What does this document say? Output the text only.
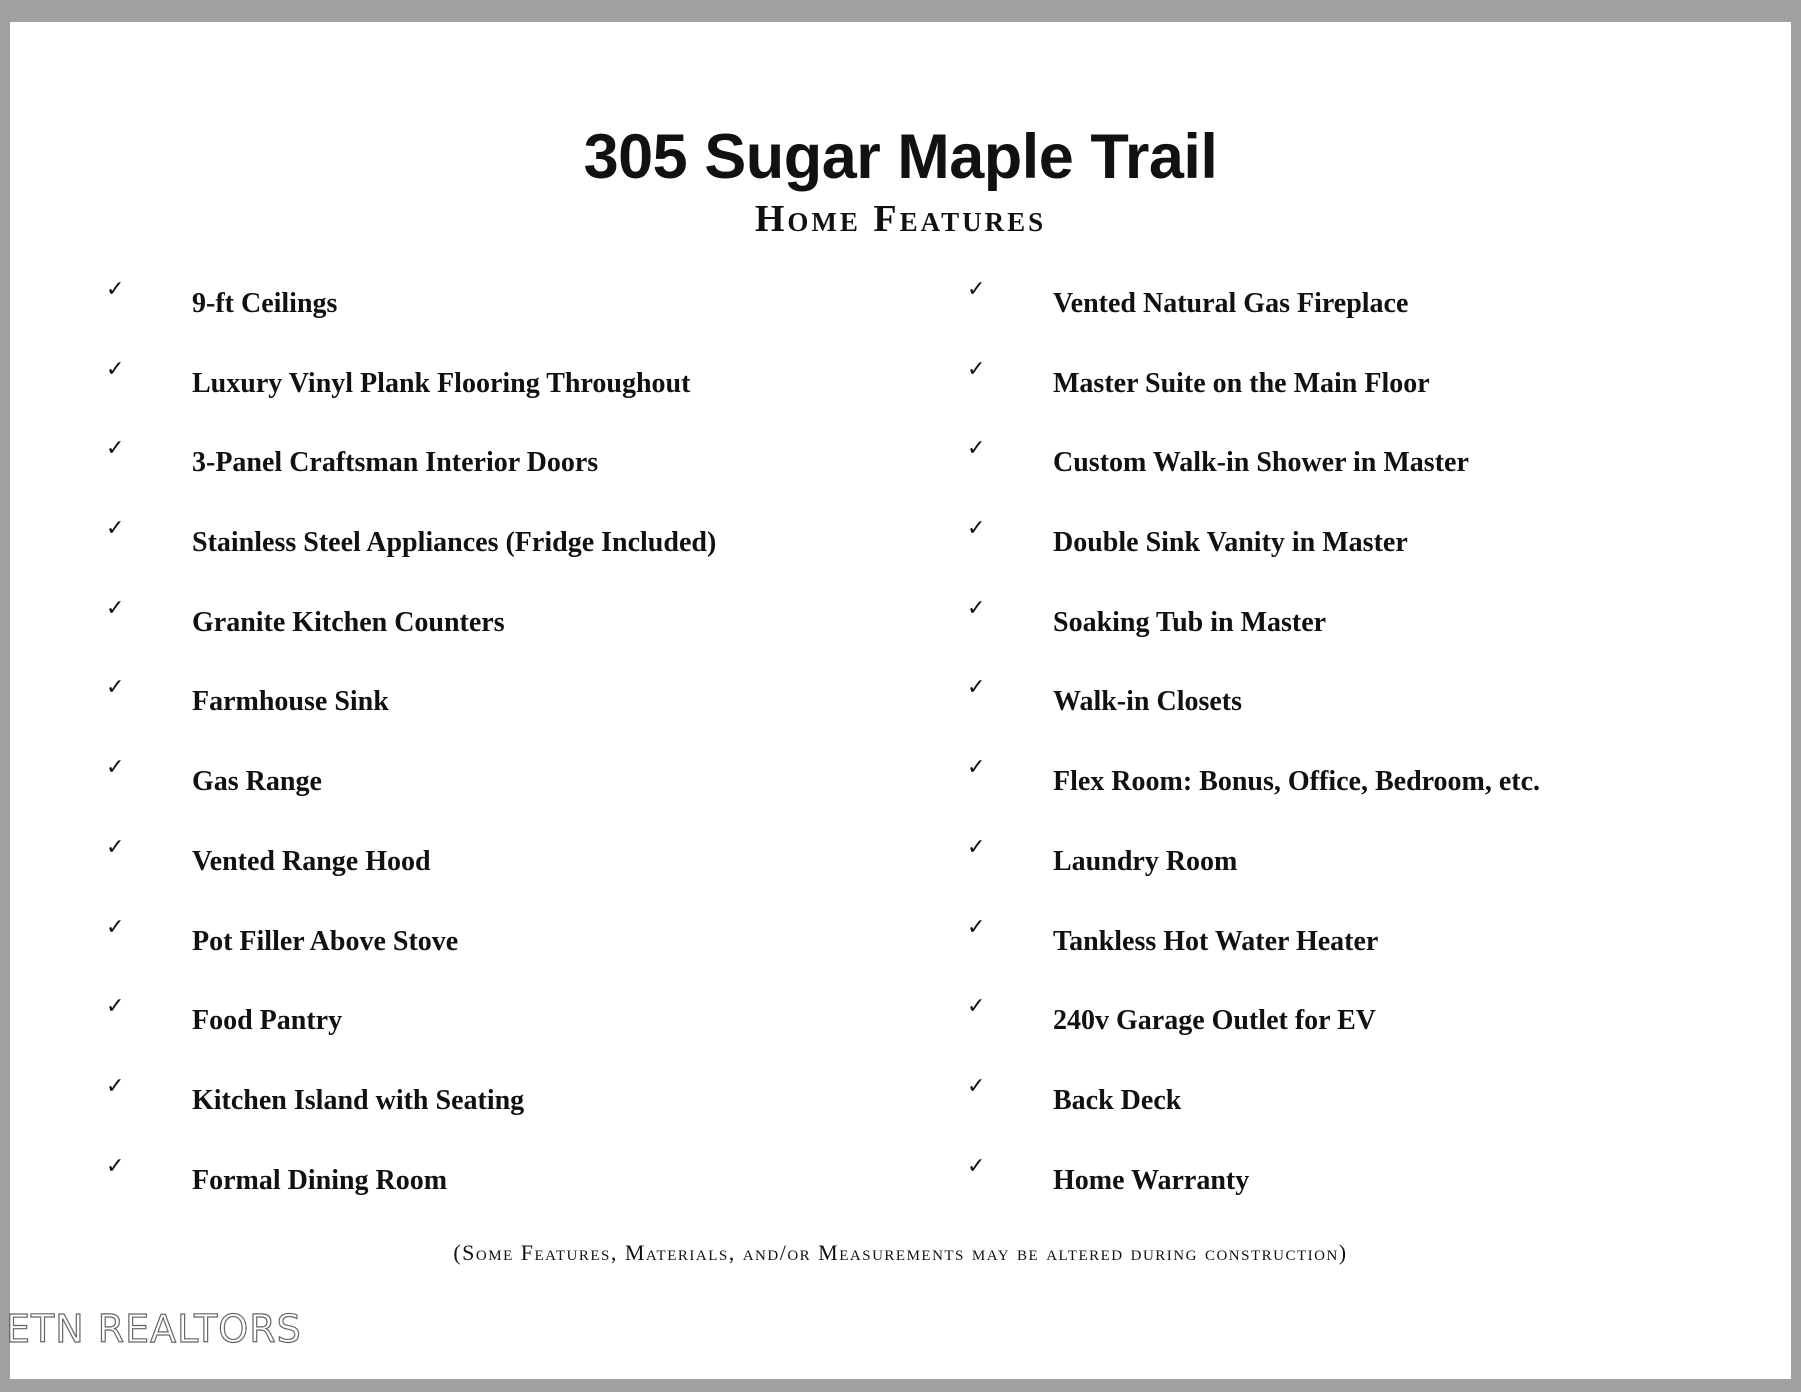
305 Sugar Maple Trail
Home Features
✓	9-ft Ceilings
✓	Luxury Vinyl Plank Flooring Throughout
✓	3-Panel Craftsman Interior Doors
✓	Stainless Steel Appliances (Fridge Included)
✓	Granite Kitchen Counters
✓	Farmhouse Sink
✓	Gas Range
✓	Vented Range Hood
✓	Pot Filler Above Stove
✓	Food Pantry
✓	Kitchen Island with Seating
✓	Formal Dining Room
✓	Vented Natural Gas Fireplace
✓	Master Suite on the Main Floor
✓	Custom Walk-in Shower in Master
✓	Double Sink Vanity in Master
✓	Soaking Tub in Master
✓	Walk-in Closets
✓	Flex Room: Bonus, Office, Bedroom, etc.
✓	Laundry Room
✓	Tankless Hot Water Heater
✓	240v Garage Outlet for EV
✓	Back Deck
✓	Home Warranty

(Some Features, Materials, and/or Measurements may be altered during construction)

ETN REALTORS
